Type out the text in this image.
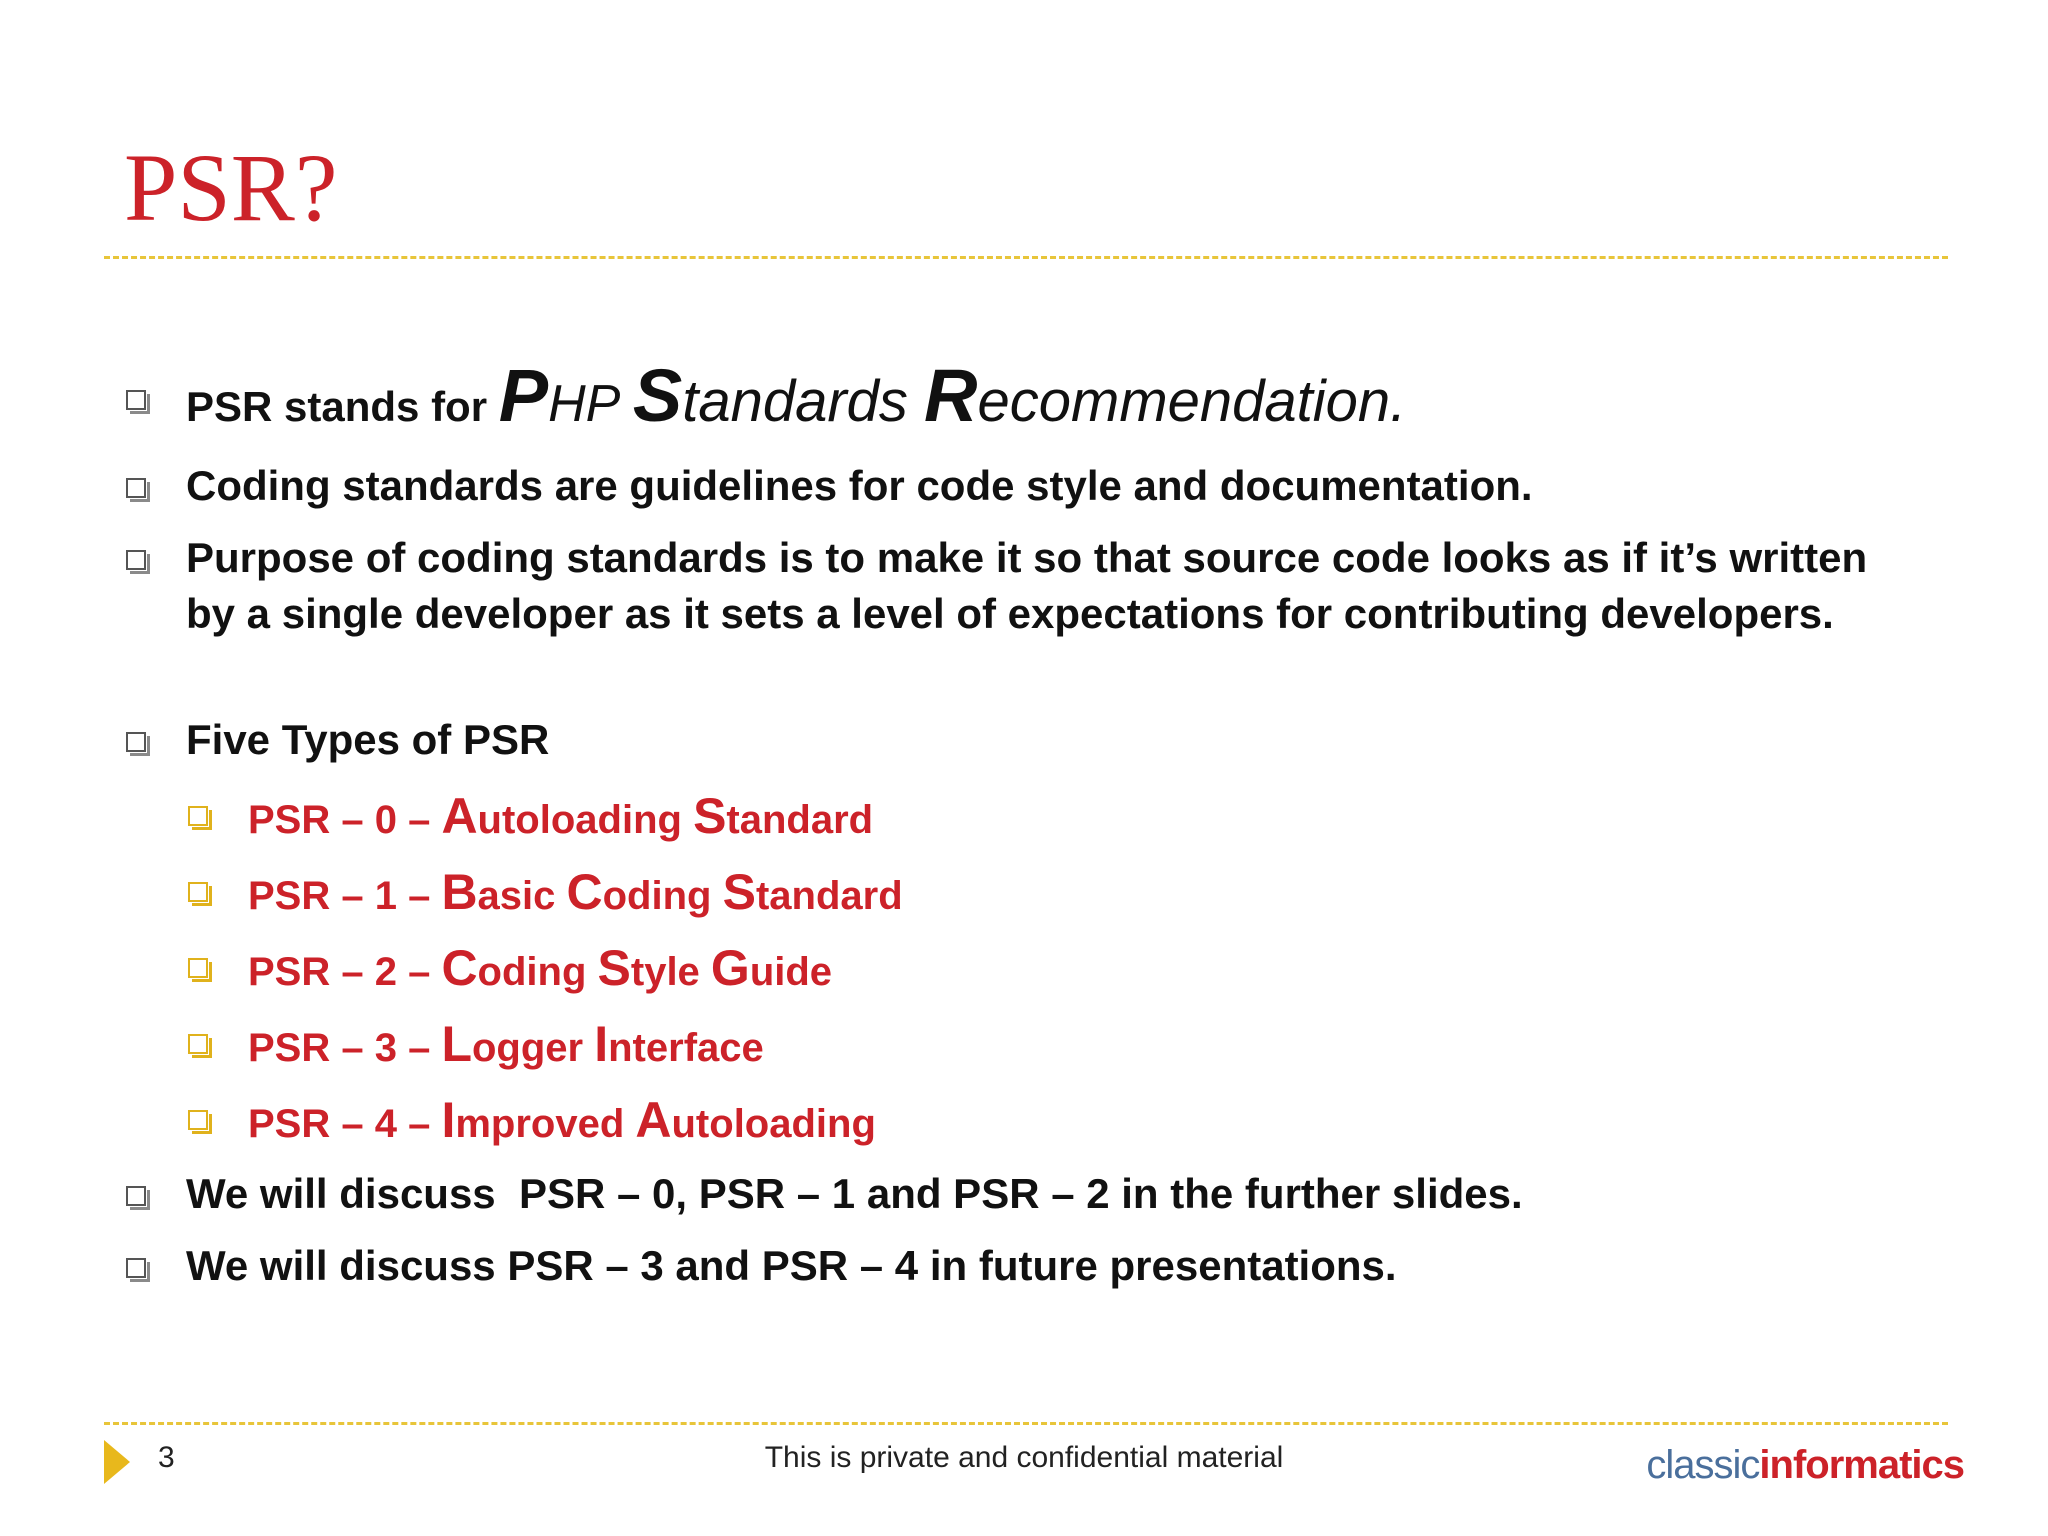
PSR?
PSR stands for PHP Standards Recommendation.
Coding standards are guidelines for code style and documentation.
Purpose of coding standards is to make it so that source code looks as if it’s written by a single developer as it sets a level of expectations for contributing developers.
Five Types of PSR
PSR – 0 – Autoloading Standard
PSR – 1 – Basic Coding Standard
PSR – 2 – Coding Style Guide
PSR – 3 – Logger Interface
PSR – 4 – Improved Autoloading
We will discuss  PSR – 0, PSR – 1 and PSR – 2 in the further slides.
We will discuss PSR – 3 and PSR – 4 in future presentations.
3	This is private and confidential material	classicinformatics
